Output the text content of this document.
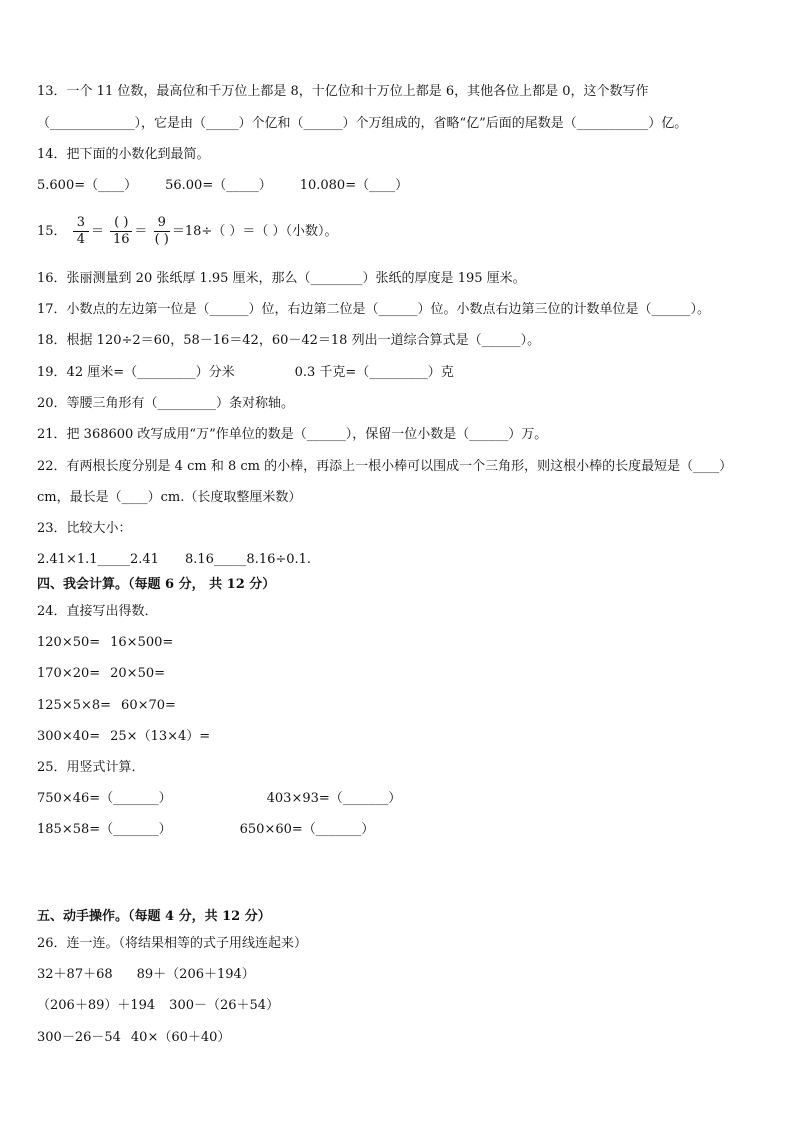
13．一个 11 位数，最高位和千万位上都是 8，十亿位和十万位上都是 6，其他各位上都是 0，这个数写作
（_____________），它是由（_____）个亿和（______）个万组成的，省略“亿”后面的尾数是（___________）亿。
14．把下面的小数化到最简。
5.600=（____） 56.00=（_____） 10.080=（____）
15． $\frac{3}{4} = \frac{( )}{16} = \frac{9}{( )} =18\div$（ ）＝（ ）（小数）。
16．张丽测量到 20 张纸厚 1.95 厘米，那么（________）张纸的厚度是 195 厘米。
17．小数点的左边第一位是（______）位，右边第二位是（______）位。小数点右边第三位的计数单位是（______）。
18．根据 120÷2＝60，58－16＝42，60－42＝18 列出一道综合算式是（______）。
19．42 厘米=（_________）分米	0.3 千克=（_________）克
20．等腰三角形有（_________）条对称轴。
21．把 368600 改写成用“万”作单位的数是（______），保留一位小数是（______）万。
22．有两根长度分别是 4 cm 和 8 cm 的小棒，再添上一根小棒可以围成一个三角形，则这根小棒的长度最短是（____）
cm，最长是（____）cm.（长度取整厘米数）
23．比较大小：
2.41×1.1_____2.41 8.16_____8.16÷0.1.
四、我会计算。（每题 6 分， 共 12 分）
24．直接写出得数．
120×50= 16×500=
170×20= 20×50=
125×5×8= 60×70=
300×40= 25×（13×4）=
25．用竖式计算．
750×46=（_______）	403×93=（_______）
185×58=（_______）	650×60=（_______）
五、动手操作。（每题 4 分，共 12 分）
26．连一连。（将结果相等的式子用线连起来）
32＋87＋68 89＋（206＋194）
（206＋89）＋194 300－（26＋54）
300－26－54 40×（60＋40）
